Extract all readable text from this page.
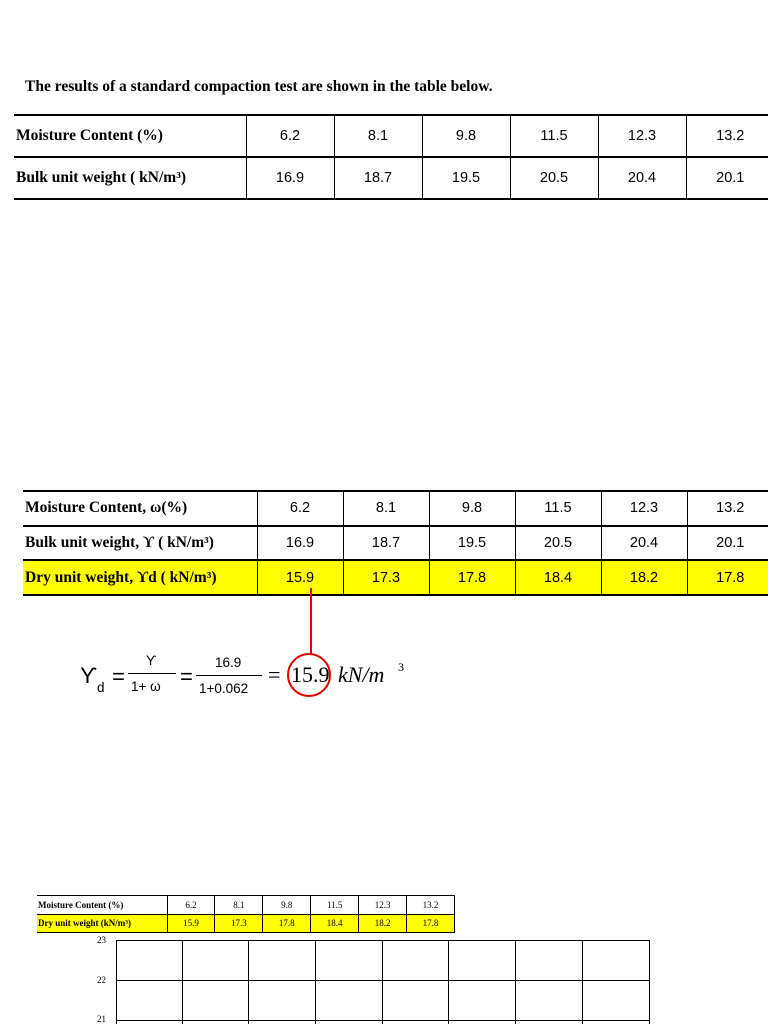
The results of a standard compaction test are shown in the table below.
Moisture Content (%)	6.2	8.1	9.8	11.5	12.3	13.2
Bulk unit weight ( kN/m³)	16.9	18.7	19.5	20.5	20.4	20.1
Moisture Content, ω(%)	6.2	8.1	9.8	11.5	12.3	13.2
Bulk unit weight, ϒ ( kN/m³)	16.9	18.7	19.5	20.5	20.4	20.1
Dry unit weight, ϒd ( kN/m³)	15.9	17.3	17.8	18.4	18.2	17.8
ϒ d =
ϒ
1+ ω =
16.9
1+0.062
= 15.9 kN/m 3
Moisture Content (%)	6.2	8.1	9.8	11.5	12.3	13.2
Dry unit weight (kN/m³)	15.9	17.3	17.8	18.4	18.2	17.8
23
22
21
